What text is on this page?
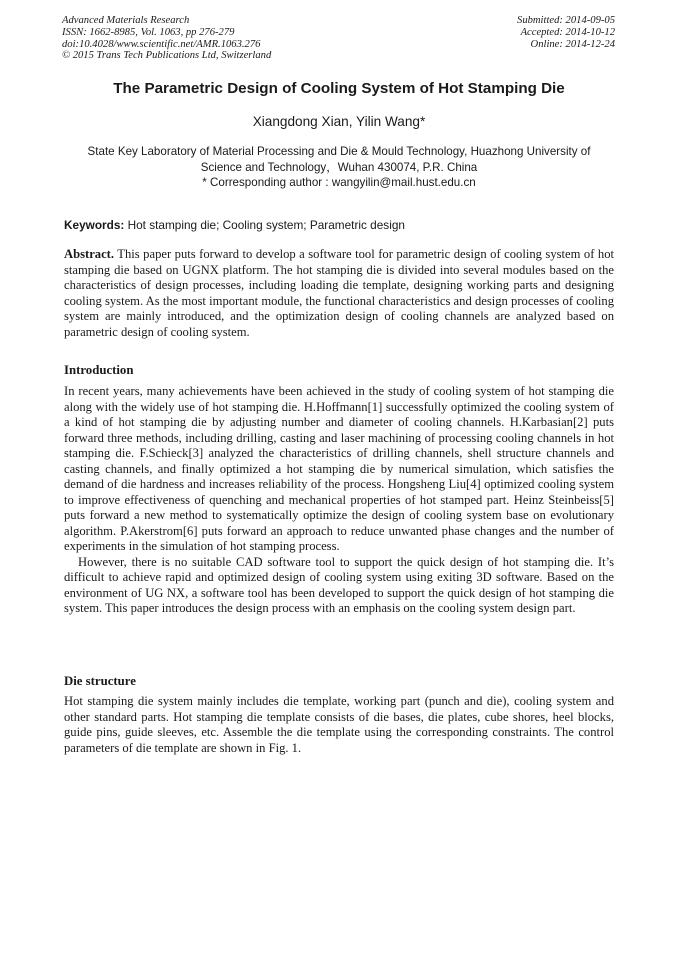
Advanced Materials Research
ISSN: 1662-8985, Vol. 1063, pp 276-279
doi:10.4028/www.scientific.net/AMR.1063.276
© 2015 Trans Tech Publications Ltd, Switzerland
Submitted: 2014-09-05
Accepted: 2014-10-12
Online: 2014-12-24
The Parametric Design of Cooling System of Hot Stamping Die
Xiangdong Xian, Yilin Wang*
State Key Laboratory of Material Processing and Die & Mould Technology, Huazhong University of
Science and Technology，Wuhan 430074, P.R. China
* Corresponding author : wangyilin@mail.hust.edu.cn
Keywords: Hot stamping die; Cooling system; Parametric design
Abstract. This paper puts forward to develop a software tool for parametric design of cooling system of hot stamping die based on UGNX platform. The hot stamping die is divided into several modules based on the characteristics of design processes, including loading die template, designing working parts and designing cooling system. As the most important module, the functional characteristics and design processes of cooling system are mainly introduced, and the optimization design of cooling channels are analyzed based on parametric design of cooling system.
Introduction

In recent years, many achievements have been achieved in the study of cooling system of hot stamping die along with the widely use of hot stamping die. H.Hoffmann[1] successfully optimized the cooling system of a kind of hot stamping die by adjusting number and diameter of cooling channels. H.Karbasian[2] puts forward three methods, including drilling, casting and laser machining of processing cooling channels in hot stamping die. F.Schieck[3] analyzed the characteristics of drilling channels, shell structure channels and casting channels, and finally optimized a hot stamping die by numerical simulation, which satisfies the demand of die hardness and increases reliability of the process. Hongsheng Liu[4] optimized cooling system to improve effectiveness of quenching and mechanical properties of hot stamped part. Heinz Steinbeiss[5] puts forward a new method to systematically optimize the design of cooling system base on evolutionary algorithm. P.Akerstrom[6] puts forward an approach to reduce unwanted phase changes and the number of experiments in the simulation of hot stamping process.

However, there is no suitable CAD software tool to support the quick design of hot stamping die. It’s difficult to achieve rapid and optimized design of cooling system using exiting 3D software. Based on the environment of UG NX, a software tool has been developed to support the quick design of hot stamping die system. This paper introduces the design process with an emphasis on the cooling system design part.

Die structure

Hot stamping die system mainly includes die template, working part (punch and die), cooling system and other standard parts. Hot stamping die template consists of die bases, die plates, cube shores, heel blocks, guide pins, guide sleeves, etc. Assemble the die template using the corresponding constraints. The control parameters of die template are shown in Fig. 1.
